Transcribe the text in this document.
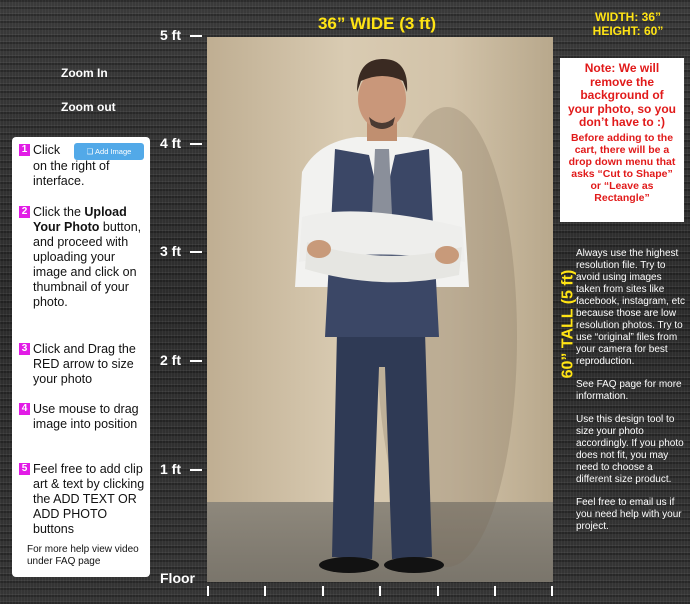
36” WIDE (3 ft)	WIDTH: 36”
HEIGHT: 60”
Zoom In
Zoom out
5 ft
4 ft
3 ft
2 ft
1 ft
Floor
1 Click	❑ Add Image
on the right of interface.
2 Click the Upload Your Photo button, and proceed with uploading your image and click on thumbnail of your photo.
3 Click and Drag the RED arrow to size your photo
4 Use mouse to drag image into position
5 Feel free to add clip art & text by clicking the ADD TEXT OR ADD PHOTO buttons
For more help view video under FAQ page
Note: We will remove the background of your photo, so you don’t have to :)
Before adding to the cart, there will be a drop down menu that asks “Cut to Shape” or “Leave as Rectangle”
60” TALL (5 ft)

Always use the highest resolution file. Try to avoid using images taken from sites like facebook, instagram, etc because those are low resolution photos. Try to use “original” files from your camera for best reproduction.

See FAQ page for more information.

Use this design tool to size your photo accordingly. If you photo does not fit, you may need to choose a different size product.

Feel free to email us if you need help with your project.
